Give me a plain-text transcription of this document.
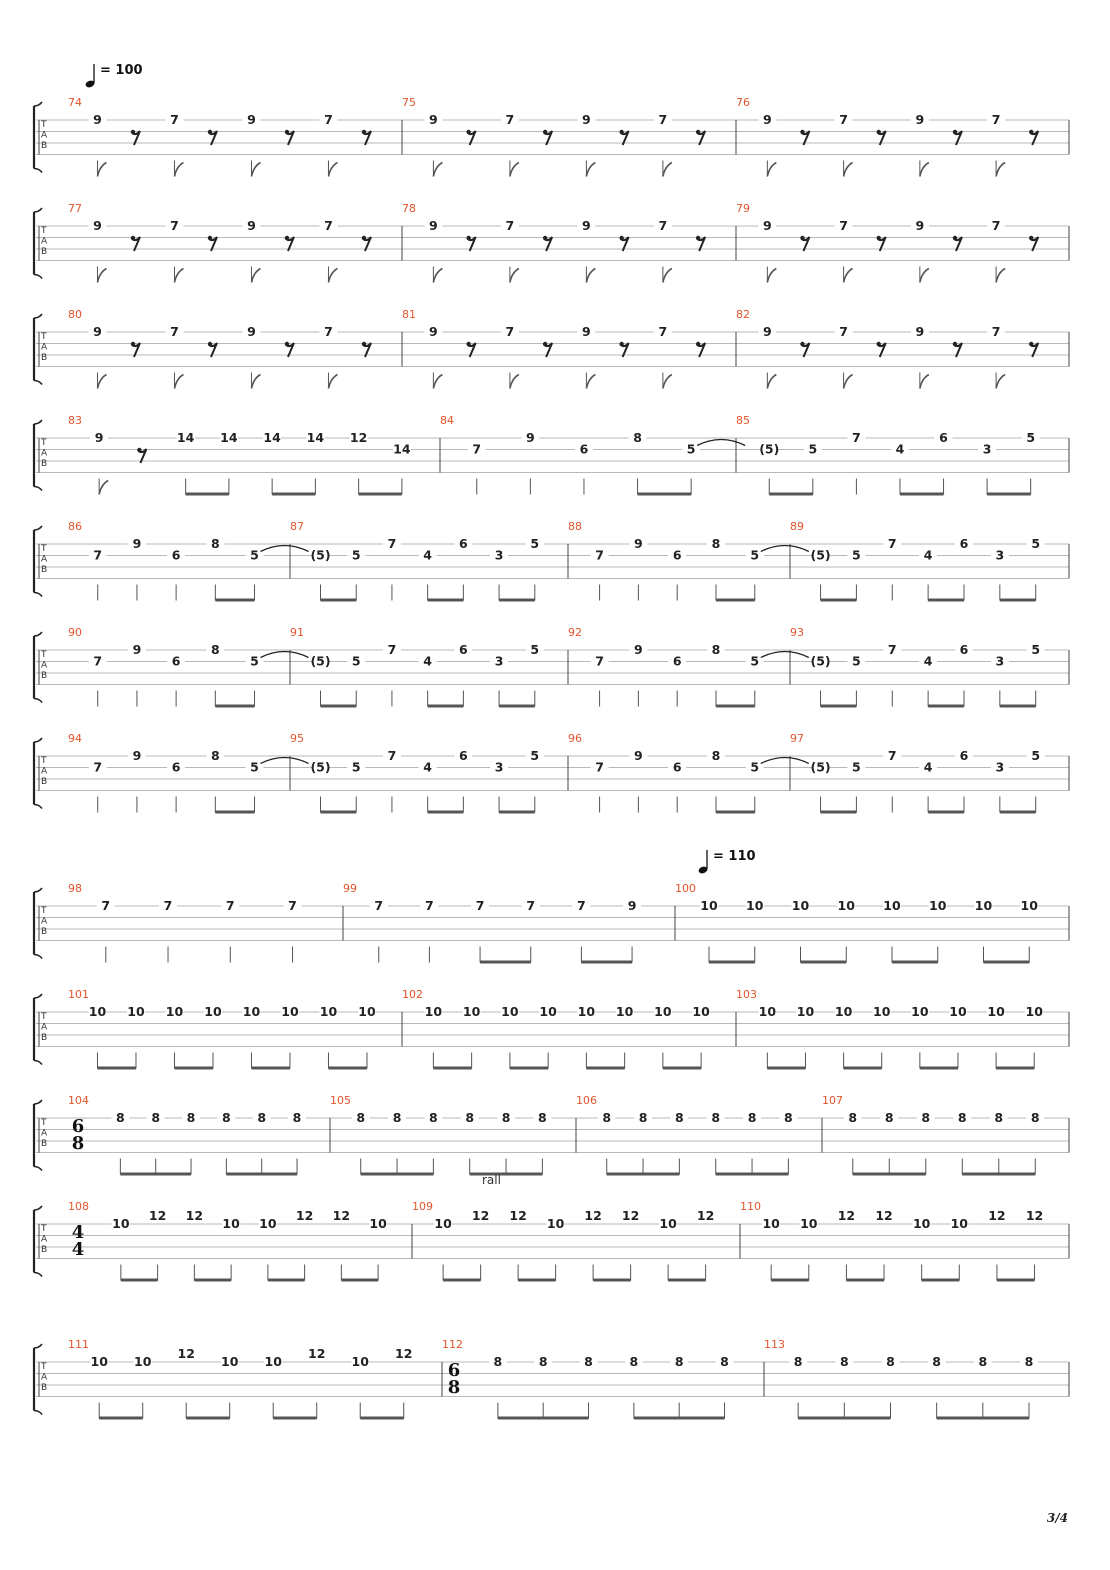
T
A
B
74
9	7	9	7
75
9	7	9	7
76
9	7	9	7
T
A
B
77
9	7	9	7
78
9	7	9	7
79
9	7	9	7
T
A
B
80
9	7	9	7
81
9	7	9	7
82
9	7	9	7
T
A
B
83
9	14 14 14 14 12
14
84
7
9
6
8
5
85
(5) 5
7
4
6
3
5
T
A
B
86
7
9
6
8
5
87
(5) 5
7
4
6
3
5
88
7
9
6
8
5
89
(5) 5
7
4
6
3
5
T
A
B
90
7
9
6
8
5
91
(5) 5
7
4
6
3
5
92
7
9
6
8
5
93
(5) 5
7
4
6
3
5
T
A
B
94
7
9
6
8
5
95
(5) 5
7
4
6
3
5
96
7
9
6
8
5
97
(5) 5
7
4
6
3
5
T
A
B
98
7	7	7	7
99
7	7	7	7	7	9
100
10 10 10 10 10 10 10 10
T
A
B
101
10 10 10 10 10 10 10 10
102
10 10 10 10 10 10 10 10
103
10 10 10 10 10 10 10 10
T
A
B
104
6
8
8 8 8 8 8 8
105
8 8 8 8 8 8
106
8 8 8 8 8 8
107
8 8 8 8 8 8
T
A
B
108
4
4
10
12 12
10 10
12 12
10
109
10
12 12
10
12 12
10
12
110
10 10
12 12
10 10
12 12
T
A
B
111
10 10
12
10 10
12
10
12
112
6
8
8	8	8	8	8	8
113
8	8	8	8	8	8
= 100
= 110
rall
3/4
